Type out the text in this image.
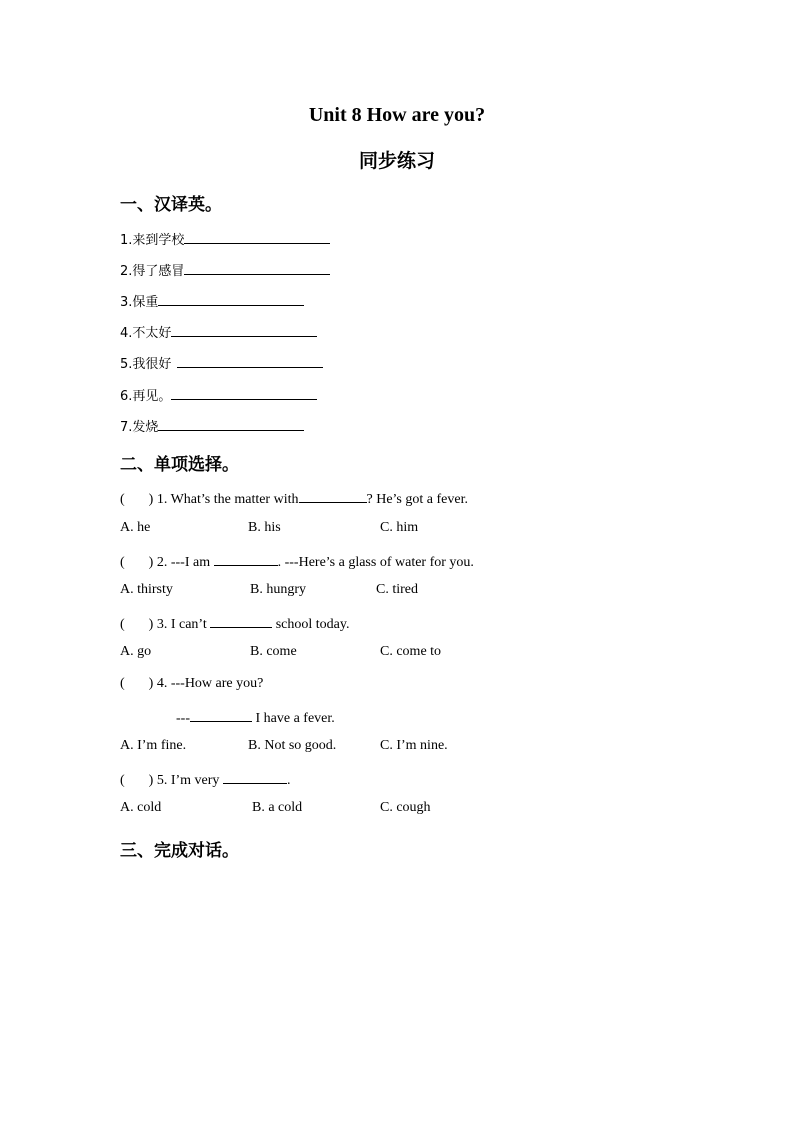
Unit 8 How are you?
同步练习
一、汉译英。
1.来到学校
2.得了感冒
3.保重
4.不太好
5.我很好
6.再见。
7.发烧
二、单项选择。
( ) 1. What’s the matter with	? He’s got a fever.
A. he	B. his	C. him
( ) 2. ---I am	. ---Here’s a glass of water for you.
A. thirsty	B. hungry	C. tired
( ) 3. I can’t	school today.
A. go	B. come	C. come to
( ) 4. ---How are you?
---	I have a fever.
A. I’m fine.	B. Not so good.	C. I’m nine.
( ) 5. I’m very	.
A. cold	B. a cold	C. cough
三、完成对话。
